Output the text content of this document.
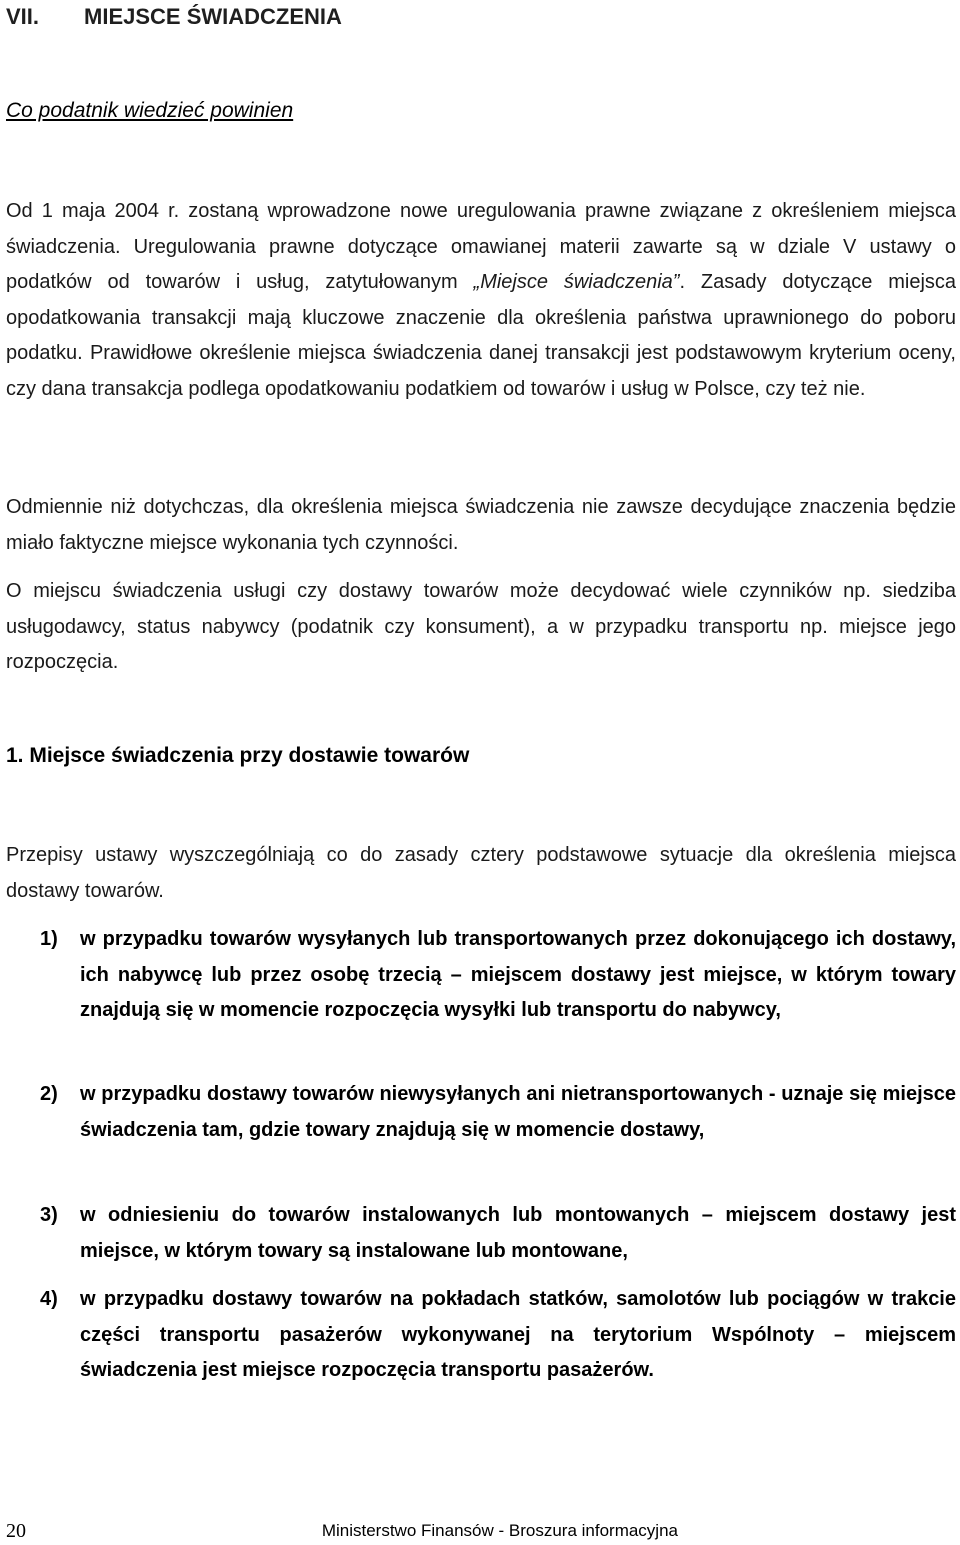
VII. MIEJSCE ŚWIADCZENIA

Co podatnik wiedzieć powinien

Od 1 maja 2004 r. zostaną wprowadzone nowe uregulowania prawne związane z określeniem miejsca świadczenia. Uregulowania prawne dotyczące omawianej materii zawarte są w dziale V ustawy o podatków od towarów i usług, zatytułowanym „Miejsce świadczenia”. Zasady dotyczące miejsca opodatkowania transakcji mają kluczowe znaczenie dla określenia państwa uprawnionego do poboru podatku. Prawidłowe określenie miejsca świadczenia danej transakcji jest podstawowym kryterium oceny, czy dana transakcja podlega opodatkowaniu podatkiem od towarów i usług w Polsce, czy też nie.

Odmiennie niż dotychczas, dla określenia miejsca świadczenia nie zawsze decydujące znaczenia będzie miało faktyczne miejsce wykonania tych czynności.

O miejscu świadczenia usługi czy dostawy towarów może decydować wiele czynników np. siedziba usługodawcy, status nabywcy (podatnik czy konsument), a w przypadku transportu np. miejsce jego rozpoczęcia.

1. Miejsce świadczenia przy dostawie towarów

Przepisy ustawy wyszczególniają co do zasady cztery podstawowe sytuacje dla określenia miejsca dostawy towarów.

1) w przypadku towarów wysyłanych lub transportowanych przez dokonującego ich dostawy, ich nabywcę lub przez osobę trzecią – miejscem dostawy jest miejsce, w którym towary znajdują się w momencie rozpoczęcia wysyłki lub transportu do nabywcy,
2) w przypadku dostawy towarów niewysyłanych ani nietransportowanych - uznaje się miejsce świadczenia tam, gdzie towary znajdują się w momencie dostawy,
3) w odniesieniu do towarów instalowanych lub montowanych – miejscem dostawy jest miejsce, w którym towary są instalowane lub montowane,
4) w przypadku dostawy towarów na pokładach statków, samolotów lub pociągów w trakcie części transportu pasażerów wykonywanej na terytorium Wspólnoty – miejscem świadczenia jest miejsce rozpoczęcia transportu pasażerów.
20	Ministerstwo Finansów - Broszura informacyjna
